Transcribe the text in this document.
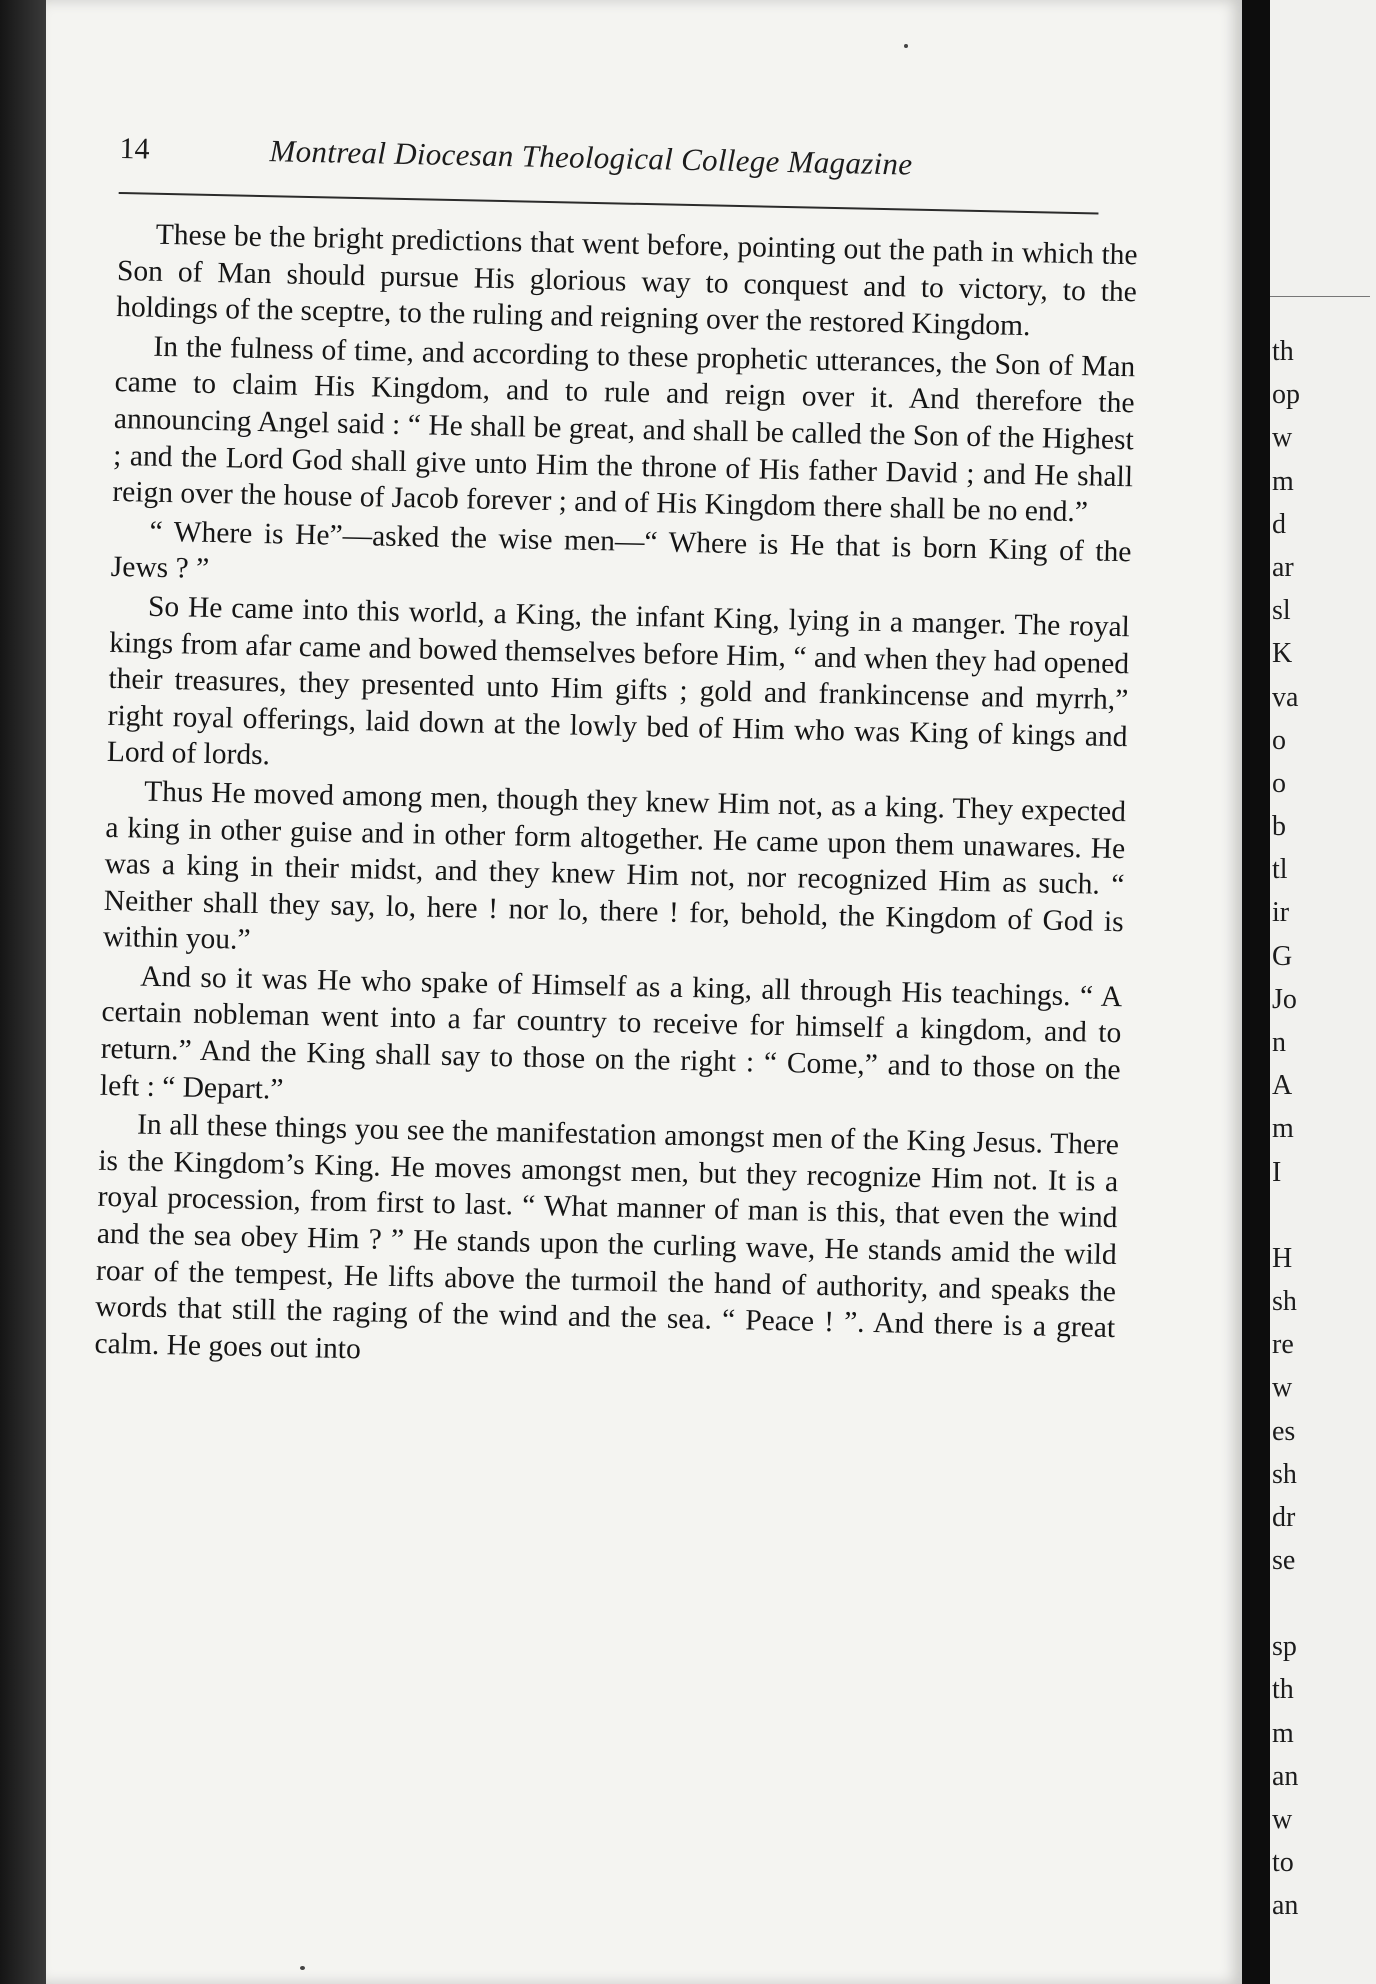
14	Montreal Diocesan Theological College Magazine

These be the bright predictions that went before, pointing out the path in which the Son of Man should pursue His glorious way to conquest and to victory, to the holdings of the sceptre, to the ruling and reigning over the restored Kingdom.

In the fulness of time, and according to these prophetic utterances, the Son of Man came to claim His Kingdom, and to rule and reign over it. And therefore the announcing Angel said : “ He shall be great, and shall be called the Son of the Highest ; and the Lord God shall give unto Him the throne of His father David ; and He shall reign over the house of Jacob forever ; and of His Kingdom there shall be no end.”

“ Where is He”—asked the wise men—“ Where is He that is born King of the Jews ? ”

So He came into this world, a King, the infant King, lying in a manger. The royal kings from afar came and bowed themselves before Him, “ and when they had opened their treasures, they presented unto Him gifts ; gold and frankincense and myrrh,” right royal offerings, laid down at the lowly bed of Him who was King of kings and Lord of lords.

Thus He moved among men, though they knew Him not, as a king. They expected a king in other guise and in other form altogether. He came upon them unawares. He was a king in their midst, and they knew Him not, nor recognized Him as such. “ Neither shall they say, lo, here ! nor lo, there ! for, behold, the Kingdom of God is within you.”

And so it was He who spake of Himself as a king, all through His teachings. “ A certain nobleman went into a far country to receive for himself a kingdom, and to return.” And the King shall say to those on the right : “ Come,” and to those on the left : “ Depart.”

In all these things you see the manifestation amongst men of the King Jesus. There is the Kingdom’s King. He moves amongst men, but they recognize Him not. It is a royal procession, from first to last. “ What manner of man is this, that even the wind and the sea obey Him ? ” He stands upon the curling wave, He stands amid the wild roar of the tempest, He lifts above the turmoil the hand of authority, and speaks the words that still the raging of the wind and the sea. “ Peace ! ”. And there is a great calm. He goes out into

th
op
w
m
d
ar
sl
K
va
o
o
b
tl
ir
G
Jo
n
A
m
I
H
sh
re
w
es
sh
dr
se
sp
th
m
an
w
to
an
